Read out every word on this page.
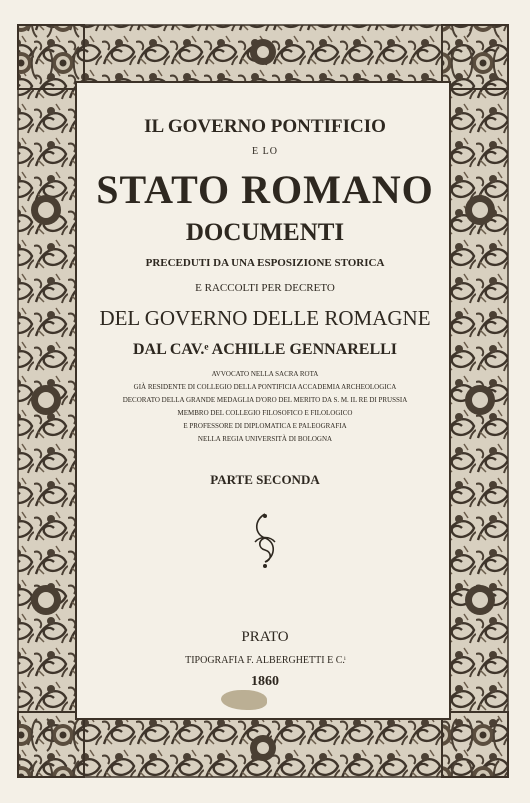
IL GOVERNO PONTIFICIO
E LO
STATO ROMANO
DOCUMENTI
PRECEDUTI DA UNA ESPOSIZIONE STORICA
E RACCOLTI PER DECRETO
DEL GOVERNO DELLE ROMAGNE
DAL CAV.ͤ ACHILLE GENNARELLI
AVVOCATO NELLA SACRA ROTA
GIÀ RESIDENTE DI COLLEGIO DELLA PONTIFICIA ACCADEMIA ARCHEOLOGICA
DECORATO DELLA GRANDE MEDAGLIA D'ORO DEL MERITO DA S. M. IL RE DI PRUSSIA
MEMBRO DEL COLLEGIO FILOSOFICO E FILOLOGICO
E PROFESSORE DI DIPLOMATICA E PALEOGRAFIA
NELLA REGIA UNIVERSITÀ DI BOLOGNA
PARTE SECONDA
PRATO
TIPOGRAFIA F. ALBERGHETTI E C.ͥ
1860
